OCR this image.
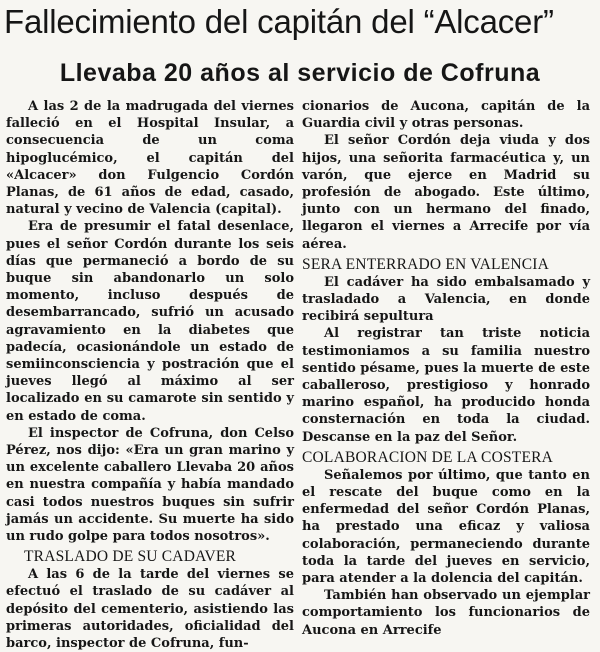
Fallecimiento del capitán del “Alcacer”
Llevaba 20 años al servicio de Cofruna

A las 2 de la madrugada del viernes falleció en el Hospital Insular, a consecuencia de un coma hipoglucémico, el capitán del «Alcacer» don Fulgencio Cordón Planas, de 61 años de edad, casado, natural y vecino de Valencia (capital).

Era de presumir el fatal desenlace, pues el señor Cordón durante los seis días que permaneció a bordo de su buque sin abandonarlo un solo momento, incluso después de desembarrancado, sufrió un acusado agravamiento en la diabetes que padecía, ocasionándole un estado de semiinconsciencia y postración que el jueves llegó al máximo al ser localizado en su camarote sin sentido y en estado de coma.

El inspector de Cofruna, don Celso Pérez, nos dijo: «Era un gran marino y un excelente caballero Llevaba 20 años en nuestra compañía y había mandado casi todos nuestros buques sin sufrir jamás un accidente. Su muerte ha sido un rudo golpe para todos nosotros».

TRASLADO DE SU CADAVER

A las 6 de la tarde del viernes se efectuó el traslado de su cadáver al depósito del cementerio, asistiendo las primeras autoridades, oficialidad del barco, inspector de Cofruna, fun-

cionarios de Aucona, capitán de la Guardia civil y otras personas.

El señor Cordón deja viuda y dos hijos, una señorita farmacéutica y, un varón, que ejerce en Madrid su profesión de abogado. Este último, junto con un hermano del finado, llegaron el viernes a Arrecife por vía aérea.

SERA ENTERRADO EN VALENCIA

El cadáver ha sido embalsamado y trasladado a Valencia, en donde recibirá sepultura

Al registrar tan triste noticia testimoniamos a su familia nuestro sentido pésame, pues la muerte de este caballeroso, prestigioso y honrado marino español, ha producido honda consternación en toda la ciudad. Descanse en la paz del Señor.

COLABORACION DE LA COSTERA

Señalemos por último, que tanto en el rescate del buque como en la enfermedad del señor Cordón Planas, ha prestado una eficaz y valiosa colaboración, permaneciendo durante toda la tarde del jueves en servicio, para atender a la dolencia del capitán.

También han observado un ejemplar comportamiento los funcionarios de Aucona en Arrecife
